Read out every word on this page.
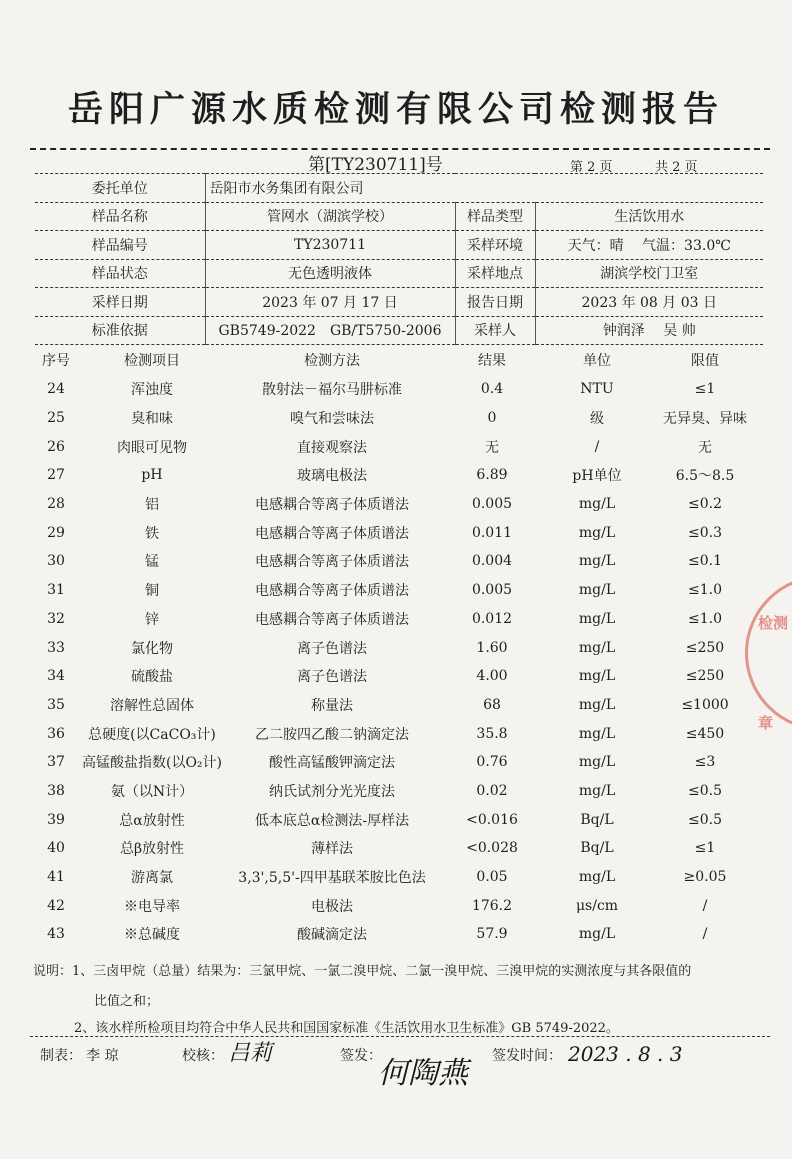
岳阳广源水质检测有限公司检测报告
第[TY230711]号	第 2 页	共 2 页
委托单位	岳阳市水务集团有限公司		
样品名称	管网水（湖滨学校）	样品类型	生活饮用水
样品编号	TY230711	采样环境	天气：晴　 气温：33.0℃
样品状态	无色透明液体	采样地点	湖滨学校门卫室
采样日期	2023 年 07 月 17 日	报告日期	2023 年 08 月 03 日
标准依据	GB5749-2022　GB/T5750-2006	采样人	钟润泽　 吴 帅
序号	检测项目	检测方法	结果	单位	限值
24	浑浊度	散射法－福尔马肼标准	0.4	NTU	≤1
25	臭和味	嗅气和尝味法	0	级	无异臭、异味
26	肉眼可见物	直接观察法	无	/	无
27	pH	玻璃电极法	6.89	pH单位	6.5～8.5
28	铝	电感耦合等离子体质谱法	0.005	mg/L	≤0.2
29	铁	电感耦合等离子体质谱法	0.011	mg/L	≤0.3
30	锰	电感耦合等离子体质谱法	0.004	mg/L	≤0.1
31	铜	电感耦合等离子体质谱法	0.005	mg/L	≤1.0
32	锌	电感耦合等离子体质谱法	0.012	mg/L	≤1.0
33	氯化物	离子色谱法	1.60	mg/L	≤250
34	硫酸盐	离子色谱法	4.00	mg/L	≤250
35	溶解性总固体	称量法	68	mg/L	≤1000
36	总硬度(以CaCO₃计)	乙二胺四乙酸二钠滴定法	35.8	mg/L	≤450
37	高锰酸盐指数(以O₂计)	酸性高锰酸钾滴定法	0.76	mg/L	≤3
38	氨（以N计）	纳氏试剂分光光度法	0.02	mg/L	≤0.5
39	总α放射性	低本底总α检测法-厚样法	<0.016	Bq/L	≤0.5
40	总β放射性	薄样法	<0.028	Bq/L	≤1
41	游离氯	3,3',5,5'-四甲基联苯胺比色法	0.05	mg/L	≥0.05
42	※电导率	电极法	176.2	μs/cm	/
43	※总碱度	酸碱滴定法	57.9	mg/L	/
说明：1、三卤甲烷（总量）结果为：三氯甲烷、一氯二溴甲烷、二氯一溴甲烷、三溴甲烷的实测浓度与其各限值的
比值之和；
2、该水样所检项目均符合中华人民共和国国家标准《生活饮用水卫生标准》GB 5749-2022。
制表： 李 琼	校核： 吕莉	签发：
何陶燕 签发时间： 2023 . 8 . 3
检测
章
